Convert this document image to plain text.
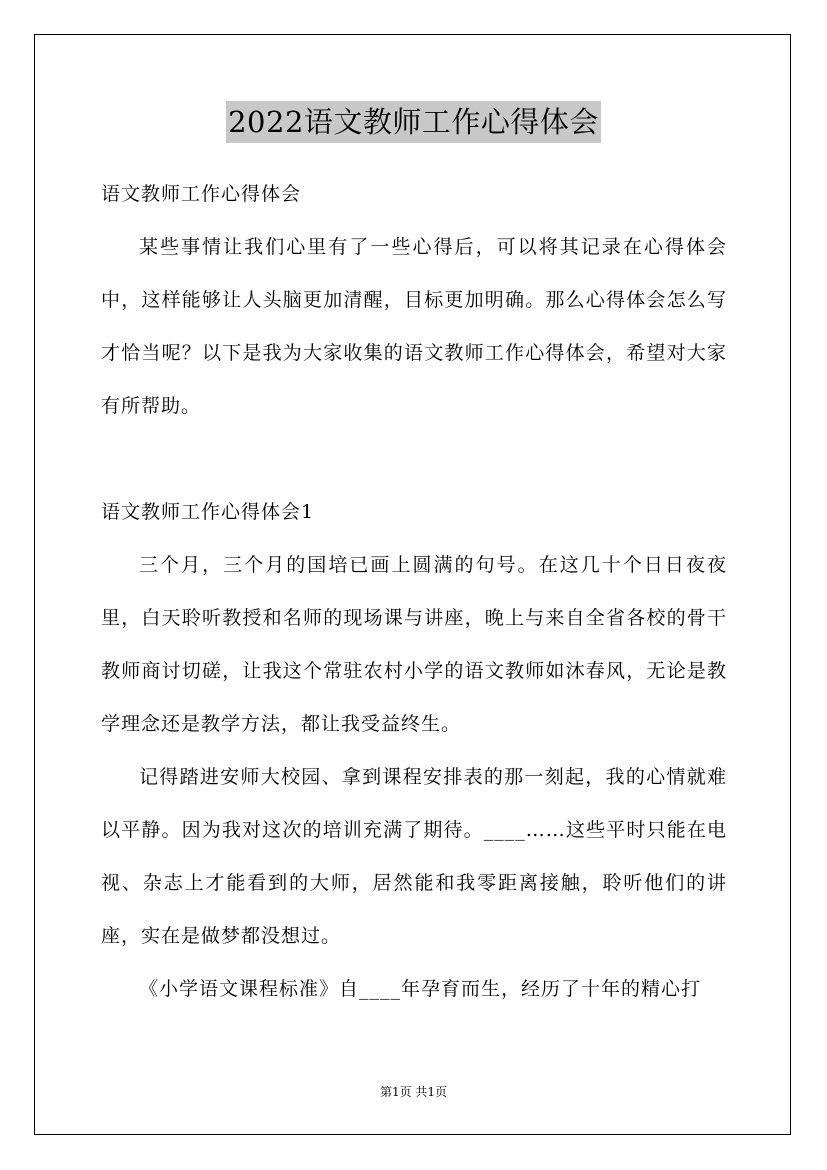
2022语文教师工作心得体会

语文教师工作心得体会

某些事情让我们心里有了一些心得后，可以将其记录在心得体会中，这样能够让人头脑更加清醒，目标更加明确。那么心得体会怎么写才恰当呢？以下是我为大家收集的语文教师工作心得体会，希望对大家有所帮助。

语文教师工作心得体会1

三个月，三个月的国培已画上圆满的句号。在这几十个日日夜夜里，白天聆听教授和名师的现场课与讲座，晚上与来自全省各校的骨干教师商讨切磋，让我这个常驻农村小学的语文教师如沐春风，无论是教学理念还是教学方法，都让我受益终生。

记得踏进安师大校园、拿到课程安排表的那一刻起，我的心情就难以平静。因为我对这次的培训充满了期待。____……这些平时只能在电视、杂志上才能看到的大师，居然能和我零距离接触，聆听他们的讲座，实在是做梦都没想过。

《小学语文课程标准》自____年孕育而生，经历了十年的精心打

第1页 共1页
